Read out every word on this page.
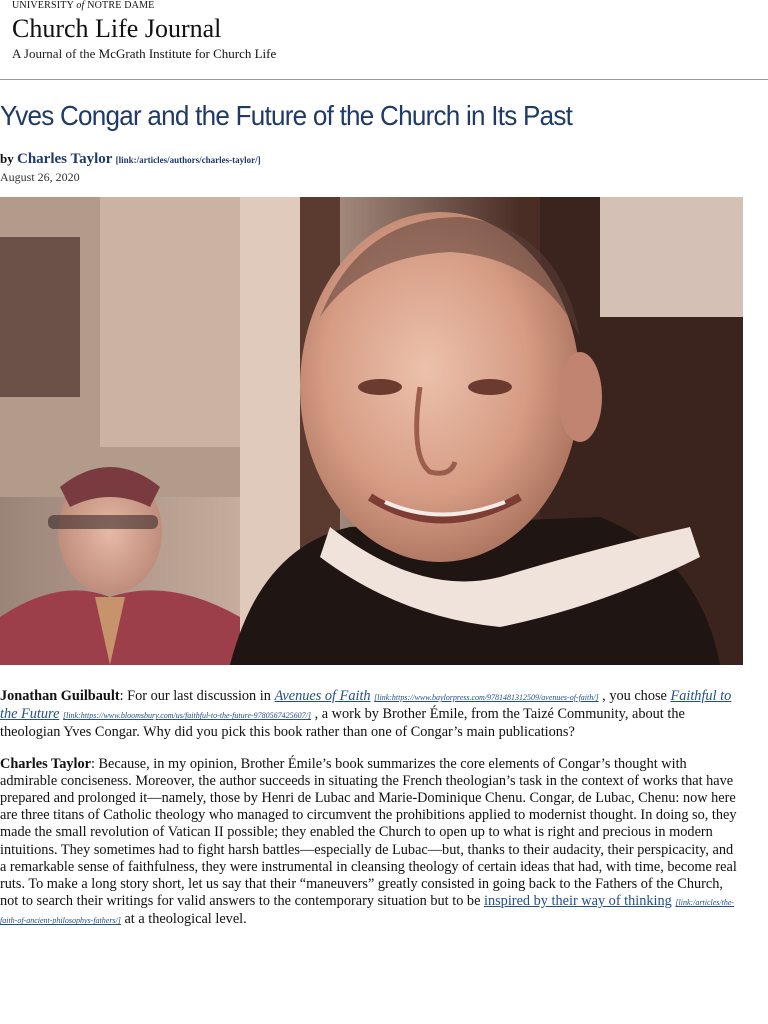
UNIVERSITY of NOTRE DAME
Church Life Journal
A Journal of the McGrath Institute for Church Life
Yves Congar and the Future of the Church in Its Past
by Charles Taylor [link:/articles/authors/charles-taylor/]
August 26, 2020

Jonathan Guilbault: For our last discussion in Avenues of Faith [link:https://www.baylorpress.com/9781481312509/avenues-of-faith/] , you chose Faithful to the Future [link:https://www.bloomsbury.com/us/faithful-to-the-future-9780567425607/] , a work by Brother Émile, from the Taizé Community, about the theologian Yves Congar. Why did you pick this book rather than one of Congar’s main publications?

Charles Taylor: Because, in my opinion, Brother Émile’s book summarizes the core elements of Congar’s thought with admirable conciseness. Moreover, the author succeeds in situating the French theologian’s task in the context of works that have prepared and prolonged it—namely, those by Henri de Lubac and Marie-Dominique Chenu. Congar, de Lubac, Chenu: now here are three titans of Catholic theology who managed to circumvent the prohibitions applied to modernist thought. In doing so, they made the small revolution of Vatican II possible; they enabled the Church to open up to what is right and precious in modern intuitions. They sometimes had to fight harsh battles—especially de Lubac—but, thanks to their audacity, their perspicacity, and a remarkable sense of faithfulness, they were instrumental in cleansing theology of certain ideas that had, with time, become real ruts. To make a long story short, let us say that their “maneuvers” greatly consisted in going back to the Fathers of the Church, not to search their writings for valid answers to the contemporary situation but to be inspired by their way of thinking [link:/articles/the-faith-of-ancient-philosophys-fathers/] at a theological level.
